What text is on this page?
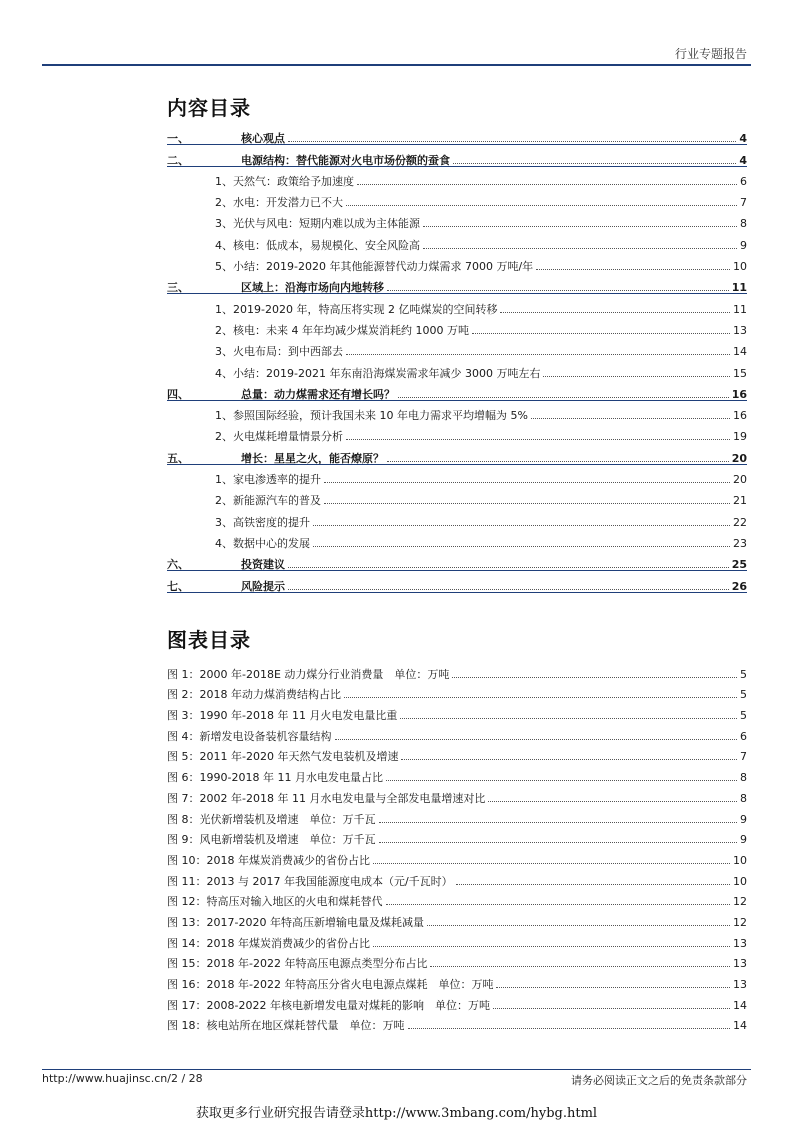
行业专题报告
内容目录
一、	核心观点	4
二、	电源结构：替代能源对火电市场份额的蚕食	4
1、天然气：政策给予加速度	6
2、水电：开发潜力已不大	7
3、光伏与风电：短期内难以成为主体能源	8
4、核电：低成本，易规模化、安全风险高	9
5、小结：2019-2020 年其他能源替代动力煤需求 7000 万吨/年	10
三、	区域上：沿海市场向内地转移	11
1、2019-2020 年，特高压将实现 2 亿吨煤炭的空间转移	11
2、核电：未来 4 年年均减少煤炭消耗约 1000 万吨	13
3、火电布局：到中西部去	14
4、小结：2019-2021 年东南沿海煤炭需求年减少 3000 万吨左右	15
四、	总量：动力煤需求还有增长吗？	16
1、参照国际经验，预计我国未来 10 年电力需求平均增幅为 5%	16
2、火电煤耗增量情景分析	19
五、	增长：星星之火，能否燎原？	20
1、家电渗透率的提升	20
2、新能源汽车的普及	21
3、高铁密度的提升	22
4、数据中心的发展	23
六、	投资建议	25
七、	风险提示	26
图表目录
图 1：2000 年-2018E 动力煤分行业消费量　单位：万吨	5
图 2：2018 年动力煤消费结构占比	5
图 3：1990 年-2018 年 11 月火电发电量比重	5
图 4：新增发电设备装机容量结构	6
图 5：2011 年-2020 年天然气发电装机及增速	7
图 6：1990-2018 年 11 月水电发电量占比	8
图 7：2002 年-2018 年 11 月水电发电量与全部发电量增速对比	8
图 8：光伏新增装机及增速　单位：万千瓦	9
图 9：风电新增装机及增速　单位：万千瓦	9
图 10：2018 年煤炭消费减少的省份占比	10
图 11：2013 与 2017 年我国能源度电成本（元/千瓦时）	10
图 12：特高压对输入地区的火电和煤耗替代	12
图 13：2017-2020 年特高压新增输电量及煤耗减量	12
图 14：2018 年煤炭消费减少的省份占比	13
图 15：2018 年-2022 年特高压电源点类型分布占比	13
图 16：2018 年-2022 年特高压分省火电电源点煤耗　单位：万吨	13
图 17：2008-2022 年核电新增发电量对煤耗的影响　单位：万吨	14
图 18：核电站所在地区煤耗替代量　单位：万吨	14
http://www.huajinsc.cn/2 / 28	请务必阅读正文之后的免责条款部分
获取更多行业研究报告请登录http://www.3mbang.com/hybg.html
